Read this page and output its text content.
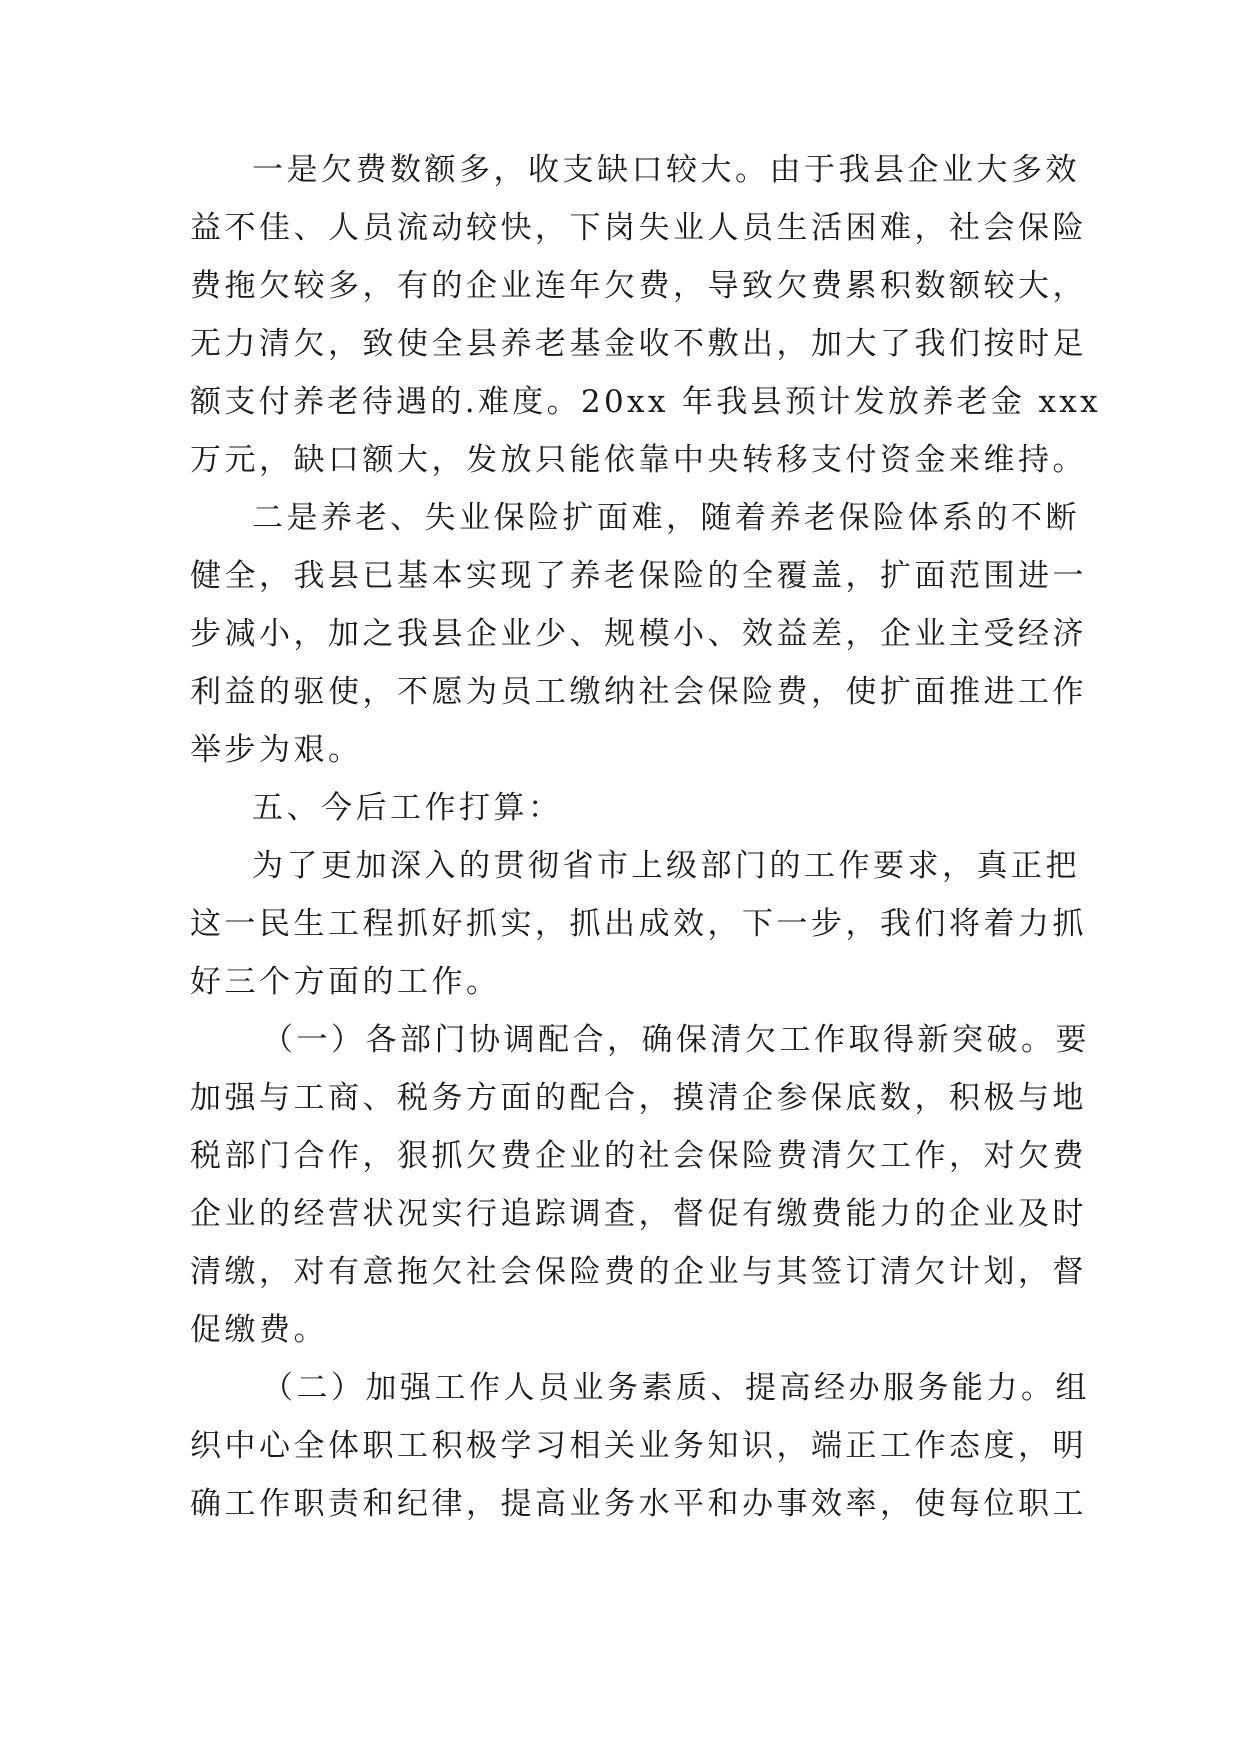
一是欠费数额多，收支缺口较大。由于我县企业大多效
益不佳、人员流动较快，下岗失业人员生活困难，社会保险
费拖欠较多，有的企业连年欠费，导致欠费累积数额较大，
无力清欠，致使全县养老基金收不敷出，加大了我们按时足
额支付养老待遇的.难度。20xx 年我县预计发放养老金 xxx
万元，缺口额大，发放只能依靠中央转移支付资金来维持。
二是养老、失业保险扩面难，随着养老保险体系的不断
健全，我县已基本实现了养老保险的全覆盖，扩面范围进一
步减小，加之我县企业少、规模小、效益差，企业主受经济
利益的驱使，不愿为员工缴纳社会保险费，使扩面推进工作
举步为艰。
五、今后工作打算：
为了更加深入的贯彻省市上级部门的工作要求，真正把
这一民生工程抓好抓实，抓出成效，下一步，我们将着力抓
好三个方面的工作。
（一）各部门协调配合，确保清欠工作取得新突破。要
加强与工商、税务方面的配合，摸清企参保底数，积极与地
税部门合作，狠抓欠费企业的社会保险费清欠工作，对欠费
企业的经营状况实行追踪调查，督促有缴费能力的企业及时
清缴，对有意拖欠社会保险费的企业与其签订清欠计划，督
促缴费。
（二）加强工作人员业务素质、提高经办服务能力。组
织中心全体职工积极学习相关业务知识，端正工作态度，明
确工作职责和纪律，提高业务水平和办事效率，使每位职工
